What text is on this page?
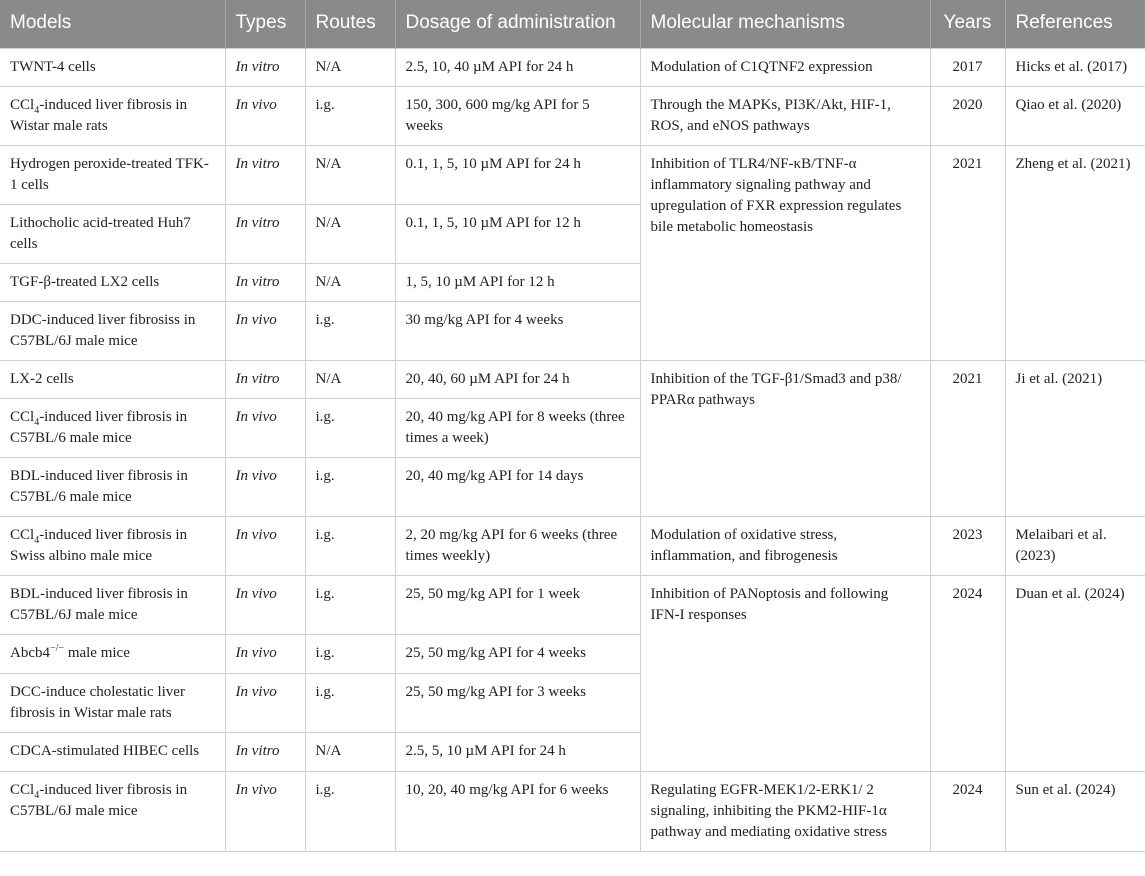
Models	Types	Routes	Dosage of administration	Molecular mechanisms	Years	References
TWNT-4 cells	In vitro	N/A	2.5, 10, 40 µM API for 24 h	Modulation of C1QTNF2 expression	2017	Hicks et al. (2017)
CCl$_4$-induced liver fibrosis in Wistar male rats	In vivo	i.g.	150, 300, 600 mg/kg API for 5 weeks	Through the MAPKs, PI3K/Akt, HIF-1, ROS, and eNOS pathways	2020	Qiao et al. (2020)
Hydrogen peroxide-treated TFK-1 cells	In vitro	N/A	0.1, 1, 5, 10 µM API for 24 h	Inhibition of TLR4/NF-κB/TNF-α inflammatory signaling pathway and upregulation of FXR expression regulates bile metabolic homeostasis	2021	Zheng et al. (2021)
Lithocholic acid-treated Huh7 cells	In vitro	N/A	0.1, 1, 5, 10 µM API for 12 h			
TGF-β-treated LX2 cells	In vitro	N/A	1, 5, 10 µM API for 12 h			
DDC-induced liver fibrosiss in C57BL/6J male mice	In vivo	i.g.	30 mg/kg API for 4 weeks			
LX-2 cells	In vitro	N/A	20, 40, 60 µM API for 24 h	Inhibition of the TGF-β1/Smad3 and p38/ PPARα pathways	2021	Ji et al. (2021)
CCl$_4$-induced liver fibrosis in C57BL/6 male mice	In vivo	i.g.	20, 40 mg/kg API for 8 weeks (three times a week)			
BDL-induced liver fibrosis in C57BL/6 male mice	In vivo	i.g.	20, 40 mg/kg API for 14 days			
CCl$_4$-induced liver fibrosis in Swiss albino male mice	In vivo	i.g.	2, 20 mg/kg API for 6 weeks (three times weekly)	Modulation of oxidative stress, inflammation, and fibrogenesis	2023	Melaibari et al. (2023)
BDL-induced liver fibrosis in C57BL/6J male mice	In vivo	i.g.	25, 50 mg/kg API for 1 week	Inhibition of PANoptosis and following IFN-I responses	2024	Duan et al. (2024)
Abcb4−/− male mice	In vivo	i.g.	25, 50 mg/kg API for 4 weeks			
DCC-induce cholestatic liver fibrosis in Wistar male rats	In vivo	i.g.	25, 50 mg/kg API for 3 weeks			
CDCA-stimulated HIBEC cells	In vitro	N/A	2.5, 5, 10 µM API for 24 h			
CCl$_4$-induced liver fibrosis in C57BL/6J male mice	In vivo	i.g.	10, 20, 40 mg/kg API for 6 weeks	Regulating EGFR-MEK1/2-ERK1/ 2 signaling, inhibiting the PKM2-HIF-1α pathway and mediating oxidative stress	2024	Sun et al. (2024)
